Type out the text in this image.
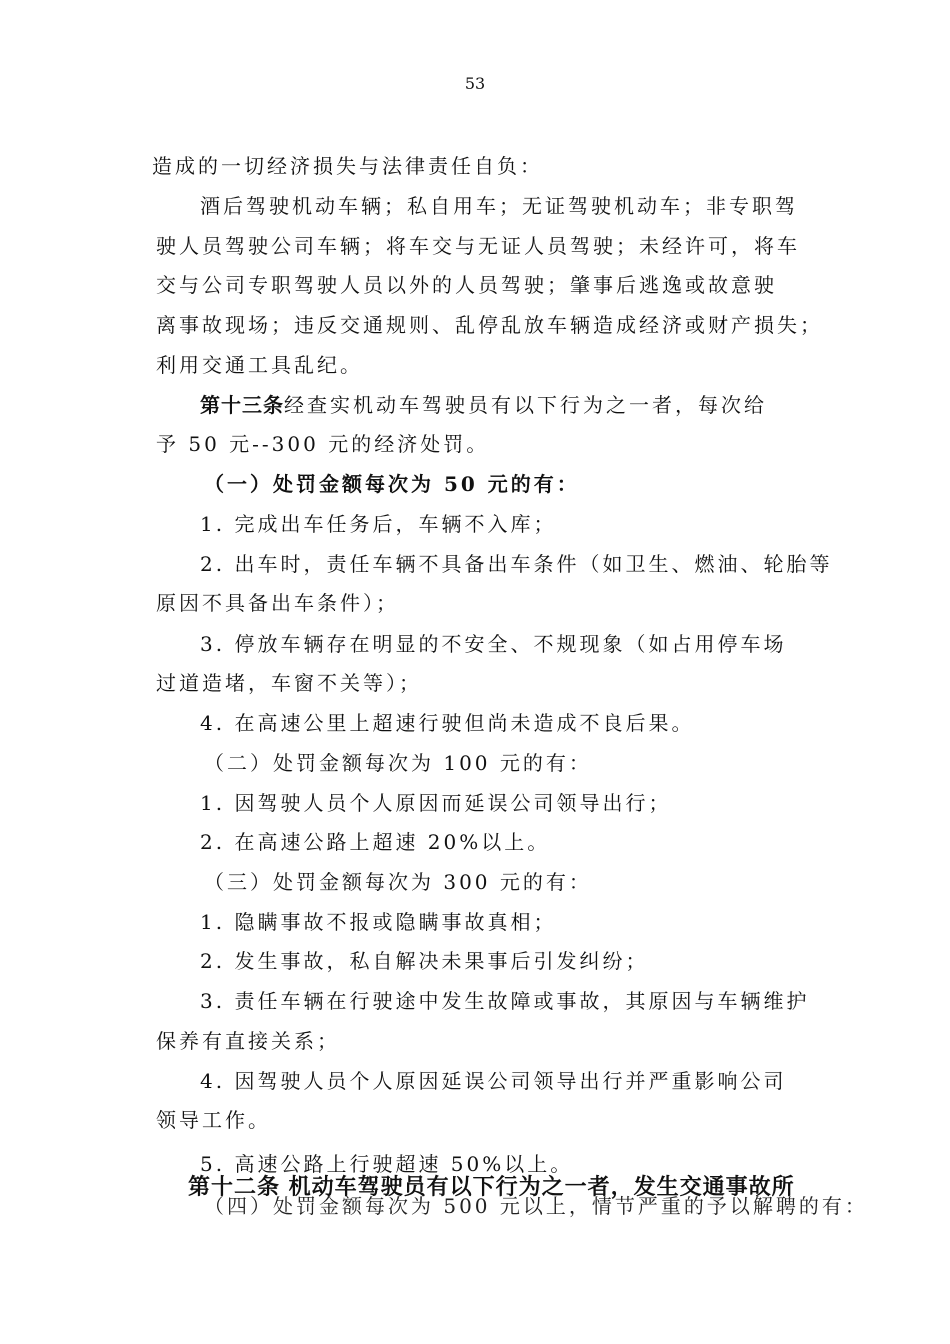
53
造成的一切经济损失与法律责任自负：
酒后驾驶机动车辆；私自用车；无证驾驶机动车；非专职驾
驶人员驾驶公司车辆；将车交与无证人员驾驶；未经许可，将车
交与公司专职驾驶人员以外的人员驾驶；肇事后逃逸或故意驶
离事故现场；违反交通规则、乱停乱放车辆造成经济或财产损失；
利用交通工具乱纪。
第十三条经查实机动车驾驶员有以下行为之一者，每次给
予 50 元--300 元的经济处罚。
（一）处罚金额每次为 50 元的有：
1. 完成出车任务后，车辆不入库；
2. 出车时，责任车辆不具备出车条件（如卫生、燃油、轮胎等
原因不具备出车条件）；
3. 停放车辆存在明显的不安全、不规现象（如占用停车场
过道造堵，车窗不关等）；
4. 在高速公里上超速行驶但尚未造成不良后果。
（二）处罚金额每次为 100 元的有：
1. 因驾驶人员个人原因而延误公司领导出行；
2. 在高速公路上超速 20%以上。
（三）处罚金额每次为 300 元的有：
1. 隐瞒事故不报或隐瞒事故真相；
2. 发生事故，私自解决未果事后引发纠纷；
3. 责任车辆在行驶途中发生故障或事故，其原因与车辆维护
保养有直接关系；
4. 因驾驶人员个人原因延误公司领导出行并严重影响公司
领导工作。
5. 高速公路上行驶超速 50%以上。
（四）处罚金额每次为 500 元以上，情节严重的予以解聘的有：
第十二条 机动车驾驶员有以下行为之一者，发生交通事故所
